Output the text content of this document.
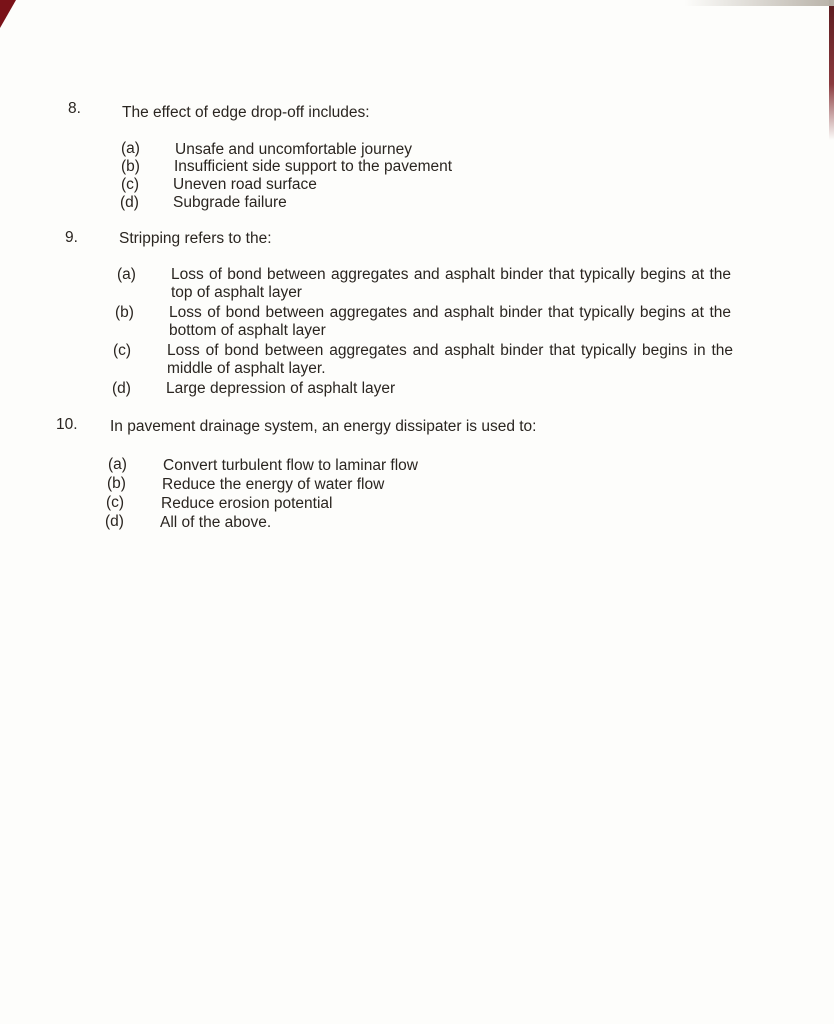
8.	The effect of edge drop-off includes:
(a) Unsafe and uncomfortable journey
(b) Insufficient side support to the pavement
(c) Uneven road surface
(d) Subgrade failure
9.	Stripping refers to the:
(a) Loss of bond between aggregates and asphalt binder that typically begins at the top of asphalt layer
(b) Loss of bond between aggregates and asphalt binder that typically begins at the bottom of asphalt layer
(c) Loss of bond between aggregates and asphalt binder that typically begins in the middle of asphalt layer.
(d) Large depression of asphalt layer
10. In pavement drainage system, an energy dissipater is used to:
(a) Convert turbulent flow to laminar flow
(b) Reduce the energy of water flow
(c) Reduce erosion potential
(d) All of the above.
